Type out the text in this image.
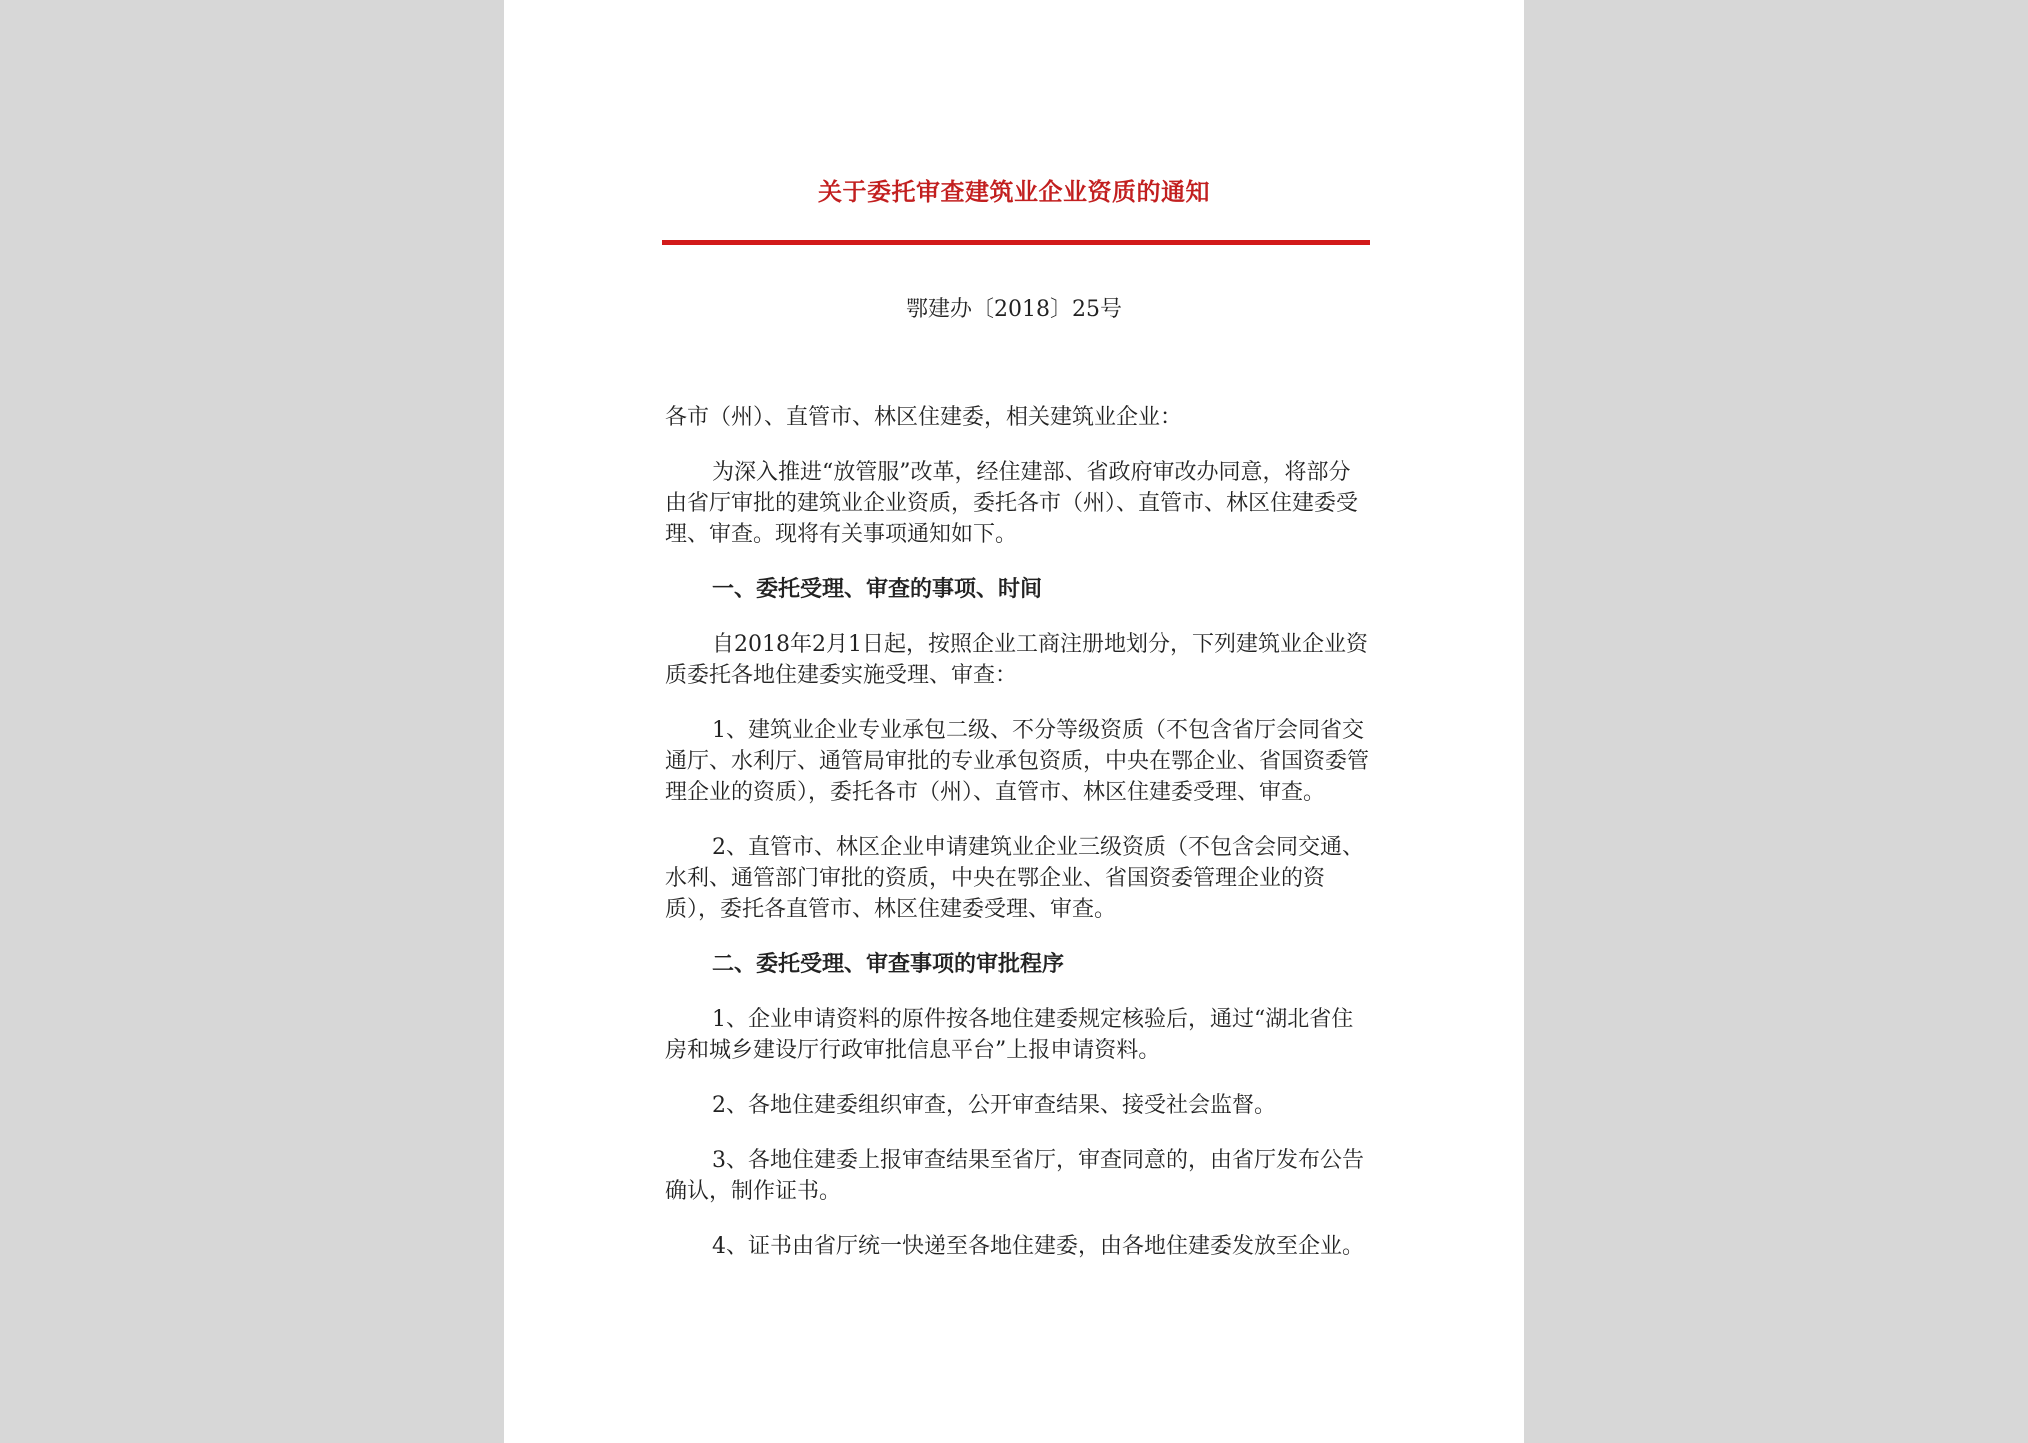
关于委托审查建筑业企业资质的通知
鄂建办〔2018〕25号

各市（州）、直管市、林区住建委，相关建筑业企业：

为深入推进“放管服”改革，经住建部、省政府审改办同意，将部分由省厅审批的建筑业企业资质，委托各市（州）、直管市、林区住建委受理、审查。现将有关事项通知如下。

一、委托受理、审查的事项、时间

自2018年2月1日起，按照企业工商注册地划分，下列建筑业企业资质委托各地住建委实施受理、审查：

1、建筑业企业专业承包二级、不分等级资质（不包含省厅会同省交通厅、水利厅、通管局审批的专业承包资质，中央在鄂企业、省国资委管理企业的资质），委托各市（州）、直管市、林区住建委受理、审查。

2、直管市、林区企业申请建筑业企业三级资质（不包含会同交通、水利、通管部门审批的资质，中央在鄂企业、省国资委管理企业的资质），委托各直管市、林区住建委受理、审查。

二、委托受理、审查事项的审批程序

1、企业申请资料的原件按各地住建委规定核验后，通过“湖北省住房和城乡建设厅行政审批信息平台”上报申请资料。

2、各地住建委组织审查，公开审查结果、接受社会监督。

3、各地住建委上报审查结果至省厅，审查同意的，由省厅发布公告确认，制作证书。

4、证书由省厅统一快递至各地住建委，由各地住建委发放至企业。
